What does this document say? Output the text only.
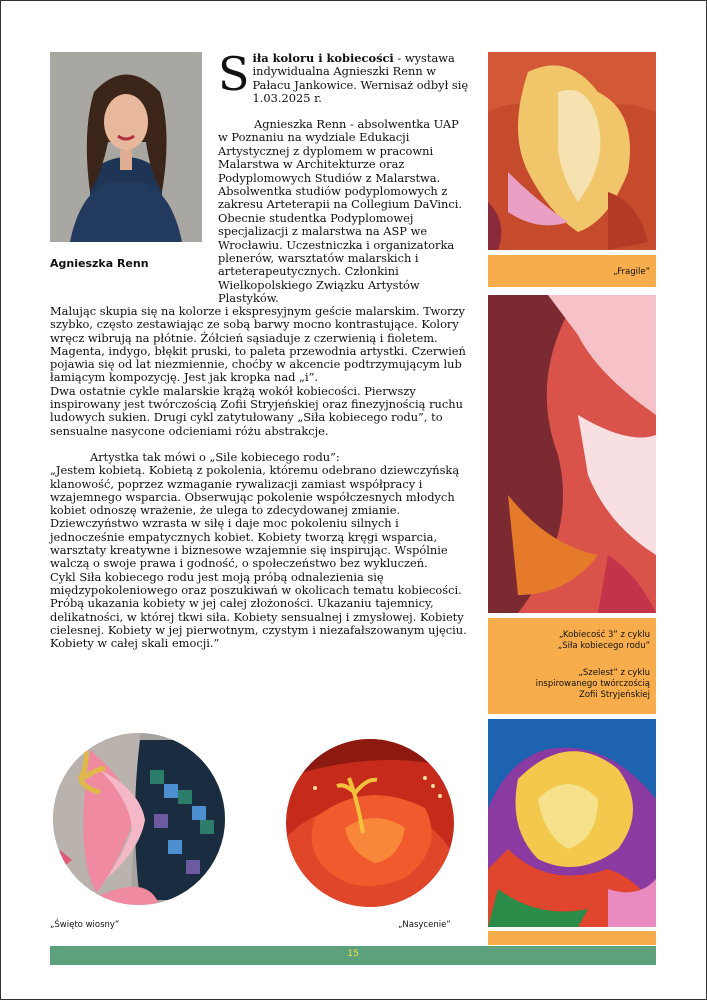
Agnieszka Renn
Siła koloru i kobiecości - wystawa indywidualna Agnieszki Renn w Pałacu Jankowice. Wernisaż odbył się 1.03.2025 r.
Agnieszka Renn - absolwentka UAP w Poznaniu na wydziale Edukacji Artystycznej z dyplomem w pracowni Malarstwa w Architekturze oraz Podyplomowych Studiów z Malarstwa. Absolwentka studiów podyplomowych z zakresu Arteterapii na Collegium DaVinci. Obecnie studentka Podyplomowej specjalizacji z malarstwa na ASP we Wrocławiu. Uczestniczka i organizatorka plenerów, warsztatów malarskich i arteterapeutycznych. Członkini Wielkopolskiego Związku Artystów Plastyków.

Malując skupia się na kolorze i ekspresyjnym geście malarskim. Tworzy szybko, często zestawiając ze sobą barwy mocno kontrastujące. Kolory wręcz wibrują na płótnie. Żółcień sąsiaduje z czerwienią i fioletem. Magenta, indygo, błękit pruski, to paleta przewodnia artystki. Czerwień pojawia się od lat niezmiennie, choćby w akcencie podtrzymującym lub łamiącym kompozycję. Jest jak kropka nad „i”.

Dwa ostatnie cykle malarskie krążą wokół kobiecości. Pierwszy inspirowany jest twórczością Zofii Stryjeńskiej oraz finezyjnością ruchu ludowych sukien. Drugi cykl zatytułowany „Siła kobiecego rodu”, to sensualne nasycone odcieniami różu abstrakcje.

Artystka tak mówi o „Sile kobiecego rodu”:

„Jestem kobietą. Kobietą z pokolenia, któremu odebrano dziewczyńską klanowość, poprzez wzmaganie rywalizacji zamiast współpracy i wzajemnego wsparcia. Obserwując pokolenie współczesnych młodych kobiet odnoszę wrażenie, że ulega to zdecydowanej zmianie. Dziewczyństwo wzrasta w siłę i daje moc pokoleniu silnych i jednocześnie empatycznych kobiet. Kobiety tworzą kręgi wsparcia, warsztaty kreatywne i biznesowe wzajemnie się inspirując. Wspólnie walczą o swoje prawa i godność, o społeczeństwo bez wykluczeń.

Cykl Siła kobiecego rodu jest moją próbą odnalezienia się międzypokoleniowego oraz poszukiwań w okolicach tematu kobiecości. Próbą ukazania kobiety w jej całej złożoności. Ukazaniu tajemnicy, delikatności, w której tkwi siła. Kobiety sensualnej i zmysłowej. Kobiety cielesnej. Kobiety w jej pierwotnym, czystym i niezafałszowanym ujęciu. Kobiety w całej skali emocji.”

„Fragile”
„Kobiecość 3” z cyklu
„Siła kobiecego rodu”
„Szelest” z cyklu
inspirowanego twórczością
Zofii Stryjeńskiej
„Święto wiosny”	„Nasycenie”
15
